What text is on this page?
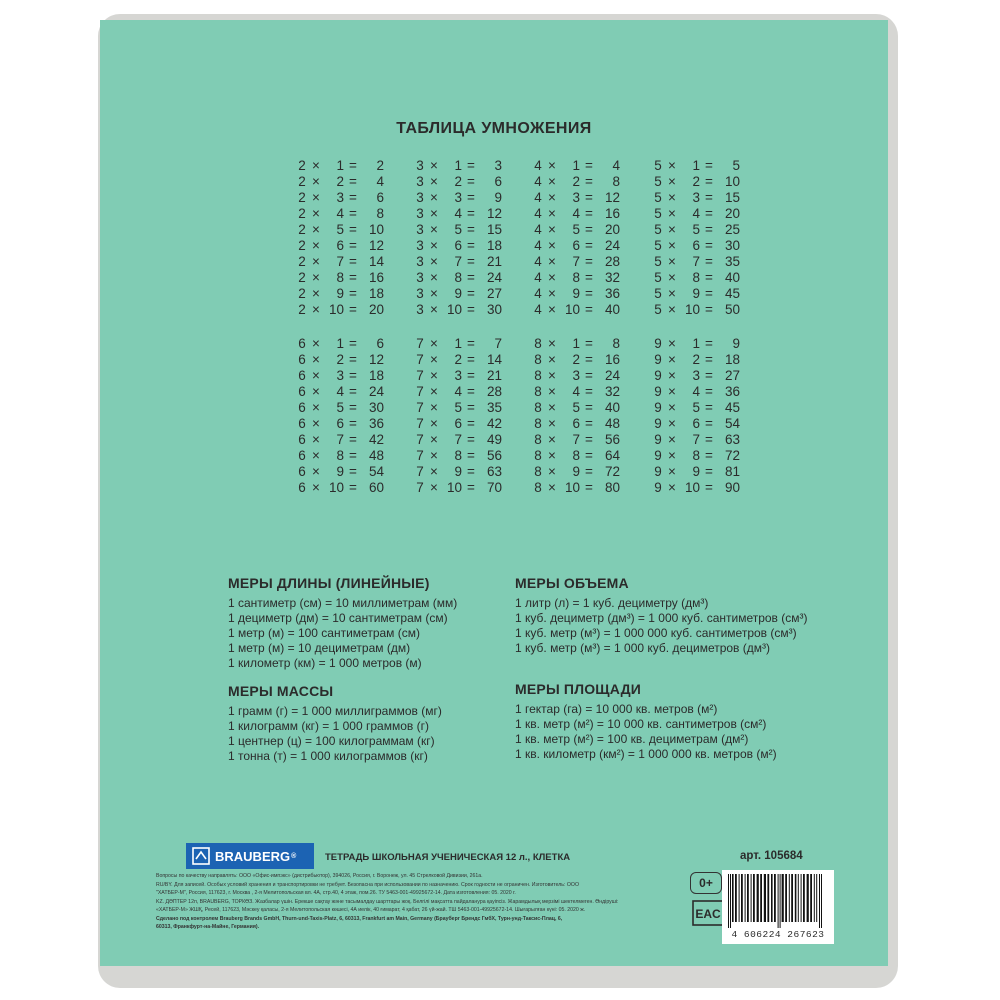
ТАБЛИЦА УМНОЖЕНИЯ
2 ×	1 =	2
2 ×	2 =	4
2 ×	3 =	6
2 ×	4 =	8
2 ×	5 = 10
2 ×	6 = 12
2 ×	7 = 14
2 ×	8 = 16
2 ×	9 = 18
2 × 10 = 20
3 ×	1 =	3
3 ×	2 =	6
3 ×	3 =	9
3 ×	4 = 12
3 ×	5 = 15
3 ×	6 = 18
3 ×	7 = 21
3 ×	8 = 24
3 ×	9 = 27
3 × 10 = 30
4 ×	1 =	4
4 ×	2 =	8
4 ×	3 = 12
4 ×	4 = 16
4 ×	5 = 20
4 ×	6 = 24
4 ×	7 = 28
4 ×	8 = 32
4 ×	9 = 36
4 × 10 = 40
5 ×	1 =	5
5 ×	2 = 10
5 ×	3 = 15
5 ×	4 = 20
5 ×	5 = 25
5 ×	6 = 30
5 ×	7 = 35
5 ×	8 = 40
5 ×	9 = 45
5 × 10 = 50
6 ×	1 =	6
6 ×	2 = 12
6 ×	3 = 18
6 ×	4 = 24
6 ×	5 = 30
6 ×	6 = 36
6 ×	7 = 42
6 ×	8 = 48
6 ×	9 = 54
6 × 10 = 60
7 ×	1 =	7
7 ×	2 = 14
7 ×	3 = 21
7 ×	4 = 28
7 ×	5 = 35
7 ×	6 = 42
7 ×	7 = 49
7 ×	8 = 56
7 ×	9 = 63
7 × 10 = 70
8 ×	1 =	8
8 ×	2 = 16
8 ×	3 = 24
8 ×	4 = 32
8 ×	5 = 40
8 ×	6 = 48
8 ×	7 = 56
8 ×	8 = 64
8 ×	9 = 72
8 × 10 = 80
9 ×	1 =	9
9 ×	2 = 18
9 ×	3 = 27
9 ×	4 = 36
9 ×	5 = 45
9 ×	6 = 54
9 ×	7 = 63
9 ×	8 = 72
9 ×	9 = 81
9 × 10 = 90
МЕРЫ ДЛИНЫ (ЛИНЕЙНЫЕ)
1 сантиметр (см) = 10 миллиметрам (мм)
1 дециметр (дм) = 10 сантиметрам (см)
1 метр (м) = 100 сантиметрам (см)
1 метр (м) = 10 дециметрам (дм)
1 километр (км) = 1 000 метров (м)
МЕРЫ ОБЪЕМА
1 литр (л) = 1 куб. дециметру (дм³)
1 куб. дециметр (дм³) = 1 000 куб. сантиметров (см³)
1 куб. метр (м³) = 1 000 000 куб. сантиметров (см³)
1 куб. метр (м³) = 1 000 куб. дециметров (дм³)
МЕРЫ МАССЫ
1 грамм (г) = 1 000 миллиграммов (мг)
1 килограмм (кг) = 1 000 граммов (г)
1 центнер (ц) = 100 килограммам (кг)
1 тонна (т) = 1 000 килограммов (кг)
МЕРЫ ПЛОЩАДИ
1 гектар (га) = 10 000 кв. метров (м²)
1 кв. метр (м²) = 10 000 кв. сантиметров (см²)
1 кв. метр (м²) = 100 кв. дециметрам (дм²)
1 кв. километр (км²) = 1 000 000 кв. метров (м²)
BRAUBERG ®	ТЕТРАДЬ ШКОЛЬНАЯ УЧЕНИЧЕСКАЯ 12 л., КЛЕТКА	арт. 105684
Вопросы по качеству направлять: ООО «Офис-импэкс» (дистрибьютор), 394026, Россия, г. Воронеж, ул. 45 Стрелковой Дивизии, 261а.
RU/BY. Для записей. Особых условий хранения и транспортировки не требует. Безопасна при использовании по назначению. Срок годности не ограничен. Изготовитель: ООО
"ХАТБЕР-М", Россия, 117623, г. Москва , 2-я Мелитопольская вл. 4А, стр.40, 4 этаж, пом.26. ТУ 5463-001-49925672-14. Дата изготовления: 05. 2020 г.
KZ. ДӘПТЕР 12п, BRAUBERG, ТОРКӨЗ. Жазбалар үшін. Ерекше сақтау және тасымалдау шарттары жоқ. Белгілі мақсатта пайдаланура қауіпсіз. Жарамдылық мерзімі шектелмеген. Өндіруші:
«ХАТБЕР-М» ЖШҚ, Ресей, 117623, Мәскеу қаласы, 2-я Мелитопольская көшесі, 4А иелік, 40 ғимарат, 4 қабат, 26 үй-жай. ТШ 5463-001-49925672-14. Шығарылған күні: 05. 2020 ж.
Сделано под контролем Brauberg Brands GmbH, Thurn-und-Taxis-Platz, 6, 60313, Frankfurt am Main, Germany (Брауберг Брендс ГмбХ, Турн-унд-Таксис-Плац, 6,
60313, Франкфурт-на-Майне, Германия).
0+
EAC
4 606224 267623
